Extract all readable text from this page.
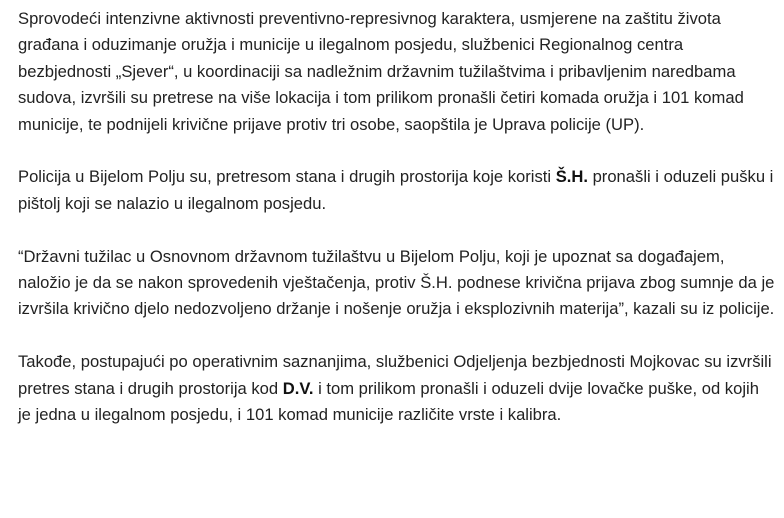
Sprovodeći intenzivne aktivnosti preventivno-represivnog karaktera, usmjerene na zaštitu života građana i oduzimanje oružja i municije u ilegalnom posjedu, službenici Regionalnog centra bezbjednosti „Sjever“, u koordinaciji sa nadležnim državnim tužilaštvima i pribavljenim naredbama sudova, izvršili su pretrese na više lokacija i tom prilikom pronašli četiri komada oružja i 101 komad municije, te podnijeli krivične prijave protiv tri osobe, saopštila je Uprava policije (UP).

Policija u Bijelom Polju su, pretresom stana i drugih prostorija koje koristi Š.H. pronašli i oduzeli pušku i pištolj koji se nalazio u ilegalnom posjedu.

“Državni tužilac u Osnovnom državnom tužilaštvu u Bijelom Polju, koji je upoznat sa događajem, naložio je da se nakon sprovedenih vještačenja, protiv Š.H. podnese krivična prijava zbog sumnje da je izvršila krivično djelo nedozvoljeno držanje i nošenje oružja i eksplozivnih materija”, kazali su iz policije.

Takođe, postupajući po operativnim saznanjima, službenici Odjeljenja bezbjednosti Mojkovac su izvršili pretres stana i drugih prostorija kod D.V. i tom prilikom pronašli i oduzeli dvije lovačke puške, od kojih je jedna u ilegalnom posjedu, i 101 komad municije različite vrste i kalibra.
